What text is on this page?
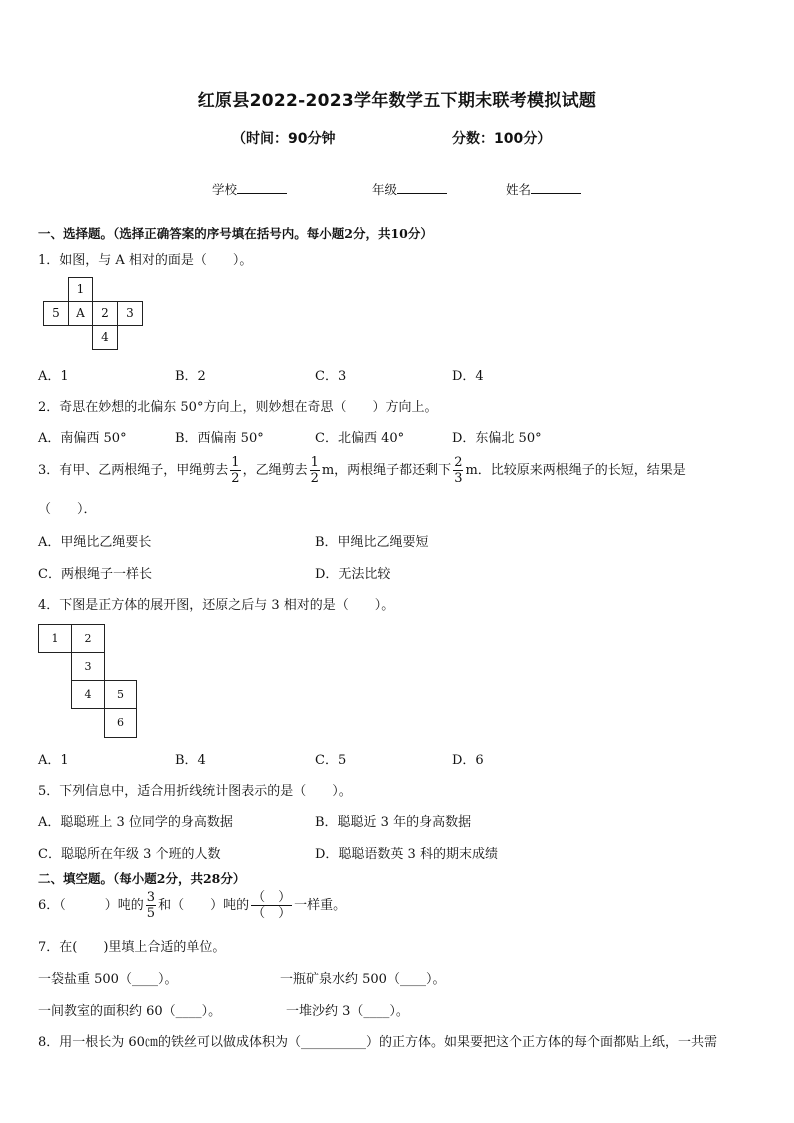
红原县2022-2023学年数学五下期末联考模拟试题
（时间：90分钟	分数：100分）
学校	年级	姓名
一、选择题。（选择正确答案的序号填在括号内。每小题2分，共10分）
1．如图，与 A 相对的面是（　　）。
1
5	A	2	3
4
A．1	B．2	C．3	D．4
2．奇思在妙想的北偏东 50°方向上，则妙想在奇思（　　）方向上。
A．南偏西 50°	B．西偏南 50°	C．北偏西 40°	D．东偏北 50°
3．有甲、乙两根绳子，甲绳剪去 $\frac{1}{2}$ ，乙绳剪去 $\frac{1}{2}$ m，两根绳子都还剩下 $\frac{2}{3}$ m．比较原来两根绳子的长短，结果是
（　　）．
A．甲绳比乙绳要长	B．甲绳比乙绳要短
C．两根绳子一样长	D．无法比较
4．下图是正方体的展开图，还原之后与 3 相对的是（　　）。
1	2
3
4	5
6
A．1	B．4	C．5	D．6
5．下列信息中，适合用折线统计图表示的是（　　）。
A．聪聪班上 3 位同学的身高数据	B．聪聪近 3 年的身高数据
C．聪聪所在年级 3 个班的人数	D．聪聪语数英 3 科的期末成绩
二、填空题。（每小题2分，共28分）
6．（　　　）吨的 $\frac{3}{5}$ 和（　　）吨的 $\frac{( )}{( )}$ 一样重。
7．在(　　)里填上合适的单位。
一袋盐重 500（____）。	一瓶矿泉水约 500（____）。
一间教室的面积约 60（____）。	一堆沙约 3（____）。
8．用一根长为 60㎝的铁丝可以做成体积为（__________）的正方体。如果要把这个正方体的每个面都贴上纸，一共需
